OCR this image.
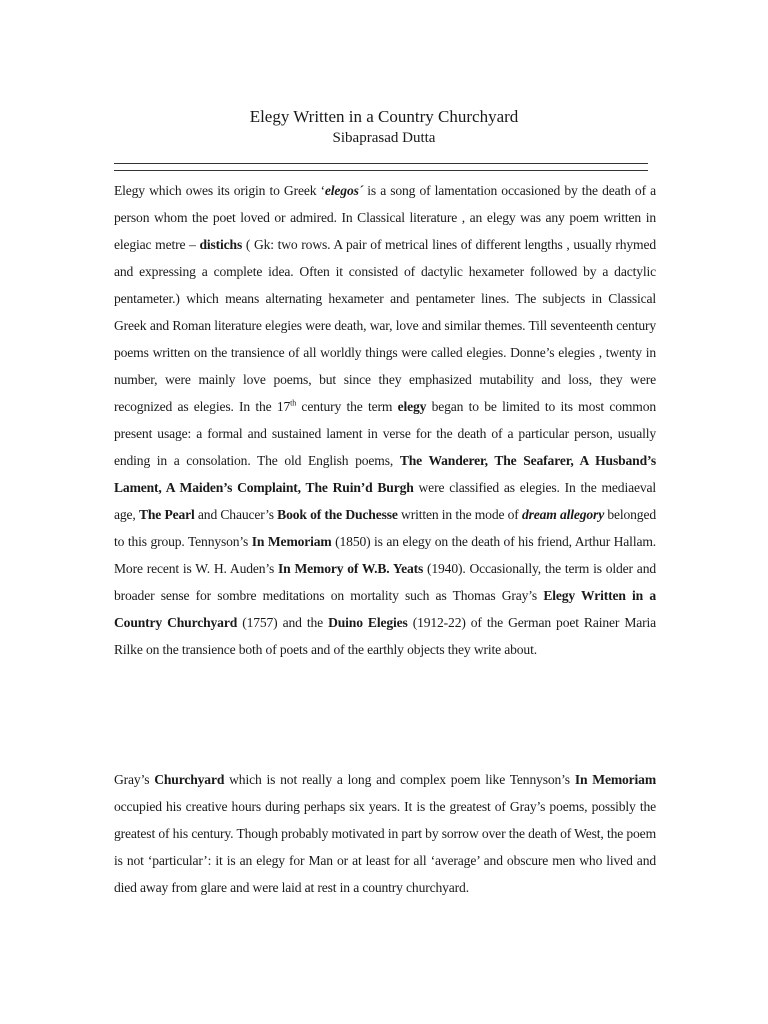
Elegy Written in a Country Churchyard
Sibaprasad Dutta

Elegy which owes its origin to Greek ‘elegos´ is a song of lamentation occasioned by the death of a person whom the poet loved or admired. In Classical literature , an elegy was any poem written in elegiac metre – distichs ( Gk: two rows. A pair of metrical lines of different lengths , usually rhymed and expressing a complete idea. Often it consisted of dactylic hexameter followed by a dactylic pentameter.) which means alternating hexameter and pentameter lines. The subjects in Classical Greek and Roman literature elegies were death, war, love and similar themes. Till seventeenth century poems written on the transience of all worldly things were called elegies. Donne’s elegies , twenty in number, were mainly love poems, but since they emphasized mutability and loss, they were recognized as elegies. In the 17th century the term elegy began to be limited to its most common present usage: a formal and sustained lament in verse for the death of a particular person, usually ending in a consolation. The old English poems, The Wanderer, The Seafarer, A Husband’s Lament, A Maiden’s Complaint, The Ruin’d Burgh were classified as elegies. In the mediaeval age, The Pearl and Chaucer’s Book of the Duchesse written in the mode of dream allegory belonged to this group. Tennyson’s In Memoriam (1850) is an elegy on the death of his friend, Arthur Hallam. More recent is W. H. Auden’s In Memory of W.B. Yeats (1940). Occasionally, the term is older and broader sense for sombre meditations on mortality such as Thomas Gray’s Elegy Written in a Country Churchyard (1757) and the Duino Elegies (1912-22) of the German poet Rainer Maria Rilke on the transience both of poets and of the earthly objects they write about.

Gray’s Churchyard which is not really a long and complex poem like Tennyson’s In Memoriam occupied his creative hours during perhaps six years. It is the greatest of Gray’s poems, possibly the greatest of his century. Though probably motivated in part by sorrow over the death of West, the poem is not ‘particular’: it is an elegy for Man or at least for all ‘average’ and obscure men who lived and died away from glare and were laid at rest in a country churchyard.
